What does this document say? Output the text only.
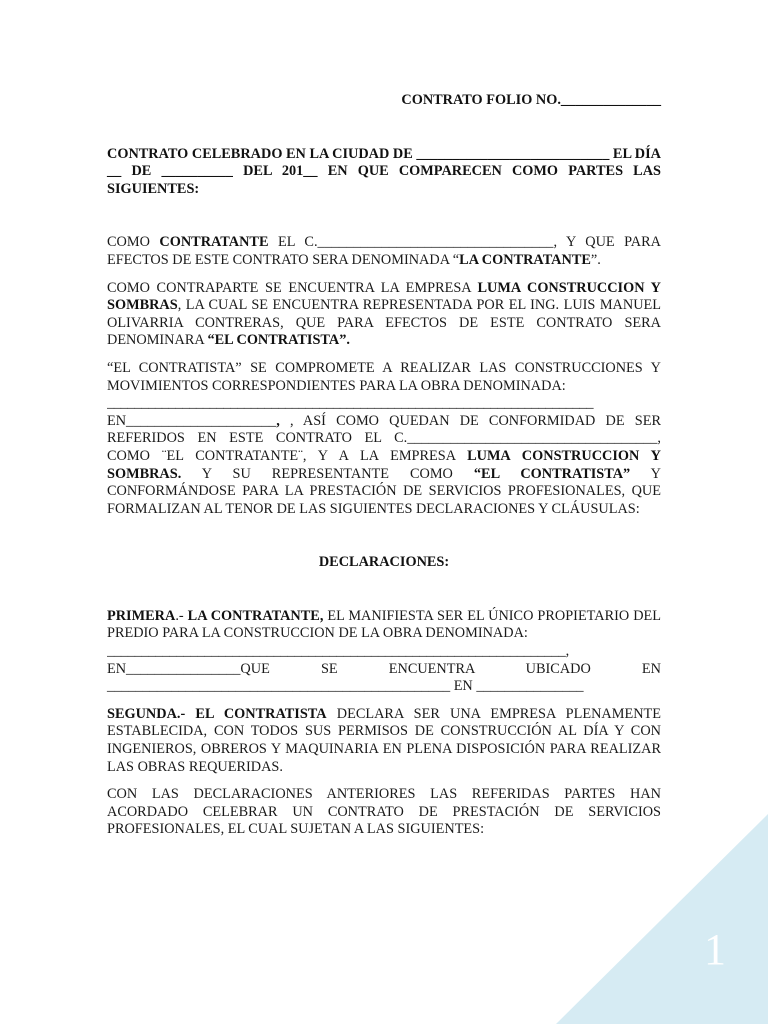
1

CONTRATO FOLIO NO.______________

CONTRATO CELEBRADO EN LA CIUDAD DE ___________________________ EL DÍA __ DE __________ DEL 201__ EN QUE COMPARECEN COMO PARTES LAS SIGUIENTES:

COMO CONTRATANTE EL C._________________________________, Y QUE PARA EFECTOS DE ESTE CONTRATO SERA DENOMINADA “LA CONTRATANTE”.

COMO CONTRAPARTE SE ENCUENTRA LA EMPRESA LUMA CONSTRUCCION Y SOMBRAS, LA CUAL SE ENCUENTRA REPRESENTADA POR EL ING. LUIS MANUEL OLIVARRIA CONTRERAS, QUE PARA EFECTOS DE ESTE CONTRATO SERA DENOMINARA “EL CONTRATISTA”.

“EL CONTRATISTA” SE COMPROMETE A REALIZAR LAS CONSTRUCCIONES Y MOVIMIENTOS CORRESPONDIENTES PARA LA OBRA DENOMINADA:

_______________________________________________________________________

EN_____________________, , ASÍ COMO QUEDAN DE CONFORMIDAD DE SER REFERIDOS EN ESTE CONTRATO EL C.___________________________________, COMO ¨EL CONTRATANTE¨, Y A LA EMPRESA LUMA CONSTRUCCION Y SOMBRAS. Y SU REPRESENTANTE COMO “EL CONTRATISTA” Y CONFORMÁNDOSE PARA LA PRESTACIÓN DE SERVICIOS PROFESIONALES, QUE FORMALIZAN AL TENOR DE LAS SIGUIENTES DECLARACIONES Y CLÁUSULAS:

DECLARACIONES:

PRIMERA.- LA CONTRATANTE, EL MANIFIESTA SER EL ÚNICO PROPIETARIO DEL PREDIO PARA LA CONSTRUCCION DE LA OBRA DENOMINADA:

__________________________________________________________________,

EN________________QUE SE ENCUENTRA UBICADO EN

________________________________________________ EN _______________

SEGUNDA.- EL CONTRATISTA DECLARA SER UNA EMPRESA PLENAMENTE ESTABLECIDA, CON TODOS SUS PERMISOS DE CONSTRUCCIÓN AL DÍA Y CON INGENIEROS, OBREROS Y MAQUINARIA EN PLENA DISPOSICIÓN PARA REALIZAR LAS OBRAS REQUERIDAS.

CON LAS DECLARACIONES ANTERIORES LAS REFERIDAS PARTES HAN ACORDADO CELEBRAR UN CONTRATO DE PRESTACIÓN DE SERVICIOS PROFESIONALES, EL CUAL SUJETAN A LAS SIGUIENTES:
